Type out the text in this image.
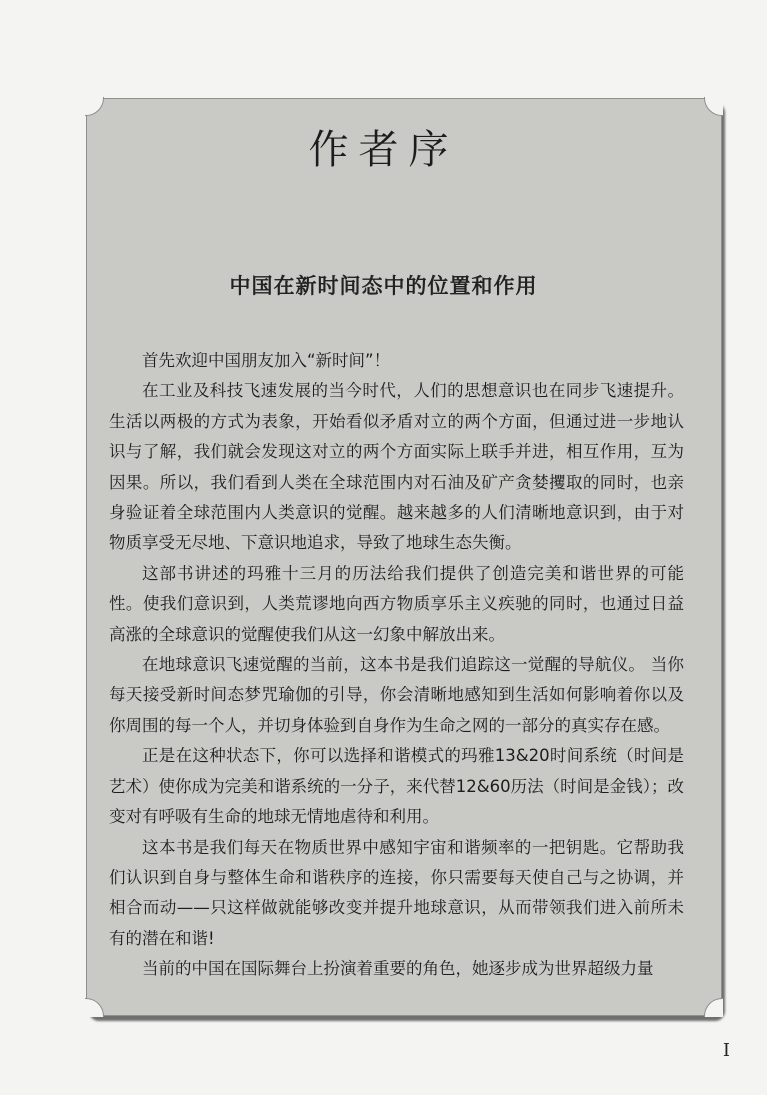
作者序
中国在新时间态中的位置和作用

首先欢迎中国朋友加入“新时间”！

在工业及科技飞速发展的当今时代，人们的思想意识也在同步飞速提升。生活以两极的方式为表象，开始看似矛盾对立的两个方面，但通过进一步地认识与了解，我们就会发现这对立的两个方面实际上联手并进，相互作用，互为因果。所以，我们看到人类在全球范围内对石油及矿产贪婪攫取的同时，也亲身验证着全球范围内人类意识的觉醒。越来越多的人们清晰地意识到，由于对物质享受无尽地、下意识地追求，导致了地球生态失衡。

这部书讲述的玛雅十三月的历法给我们提供了创造完美和谐世界的可能性。使我们意识到，人类荒谬地向西方物质享乐主义疾驰的同时，也通过日益高涨的全球意识的觉醒使我们从这一幻象中解放出来。

在地球意识飞速觉醒的当前，这本书是我们追踪这一觉醒的导航仪。 当你每天接受新时间态梦咒瑜伽的引导，你会清晰地感知到生活如何影响着你以及你周围的每一个人，并切身体验到自身作为生命之网的一部分的真实存在感。

正是在这种状态下，你可以选择和谐模式的玛雅13&20时间系统（时间是艺术）使你成为完美和谐系统的一分子，来代替12&60历法（时间是金钱）；改变对有呼吸有生命的地球无情地虐待和利用。

这本书是我们每天在物质世界中感知宇宙和谐频率的一把钥匙。它帮助我们认识到自身与整体生命和谐秩序的连接，你只需要每天使自己与之协调，并相合而动——只这样做就能够改变并提升地球意识，从而带领我们进入前所未有的潜在和谐!

当前的中国在国际舞台上扮演着重要的角色，她逐步成为世界超级力量

I
